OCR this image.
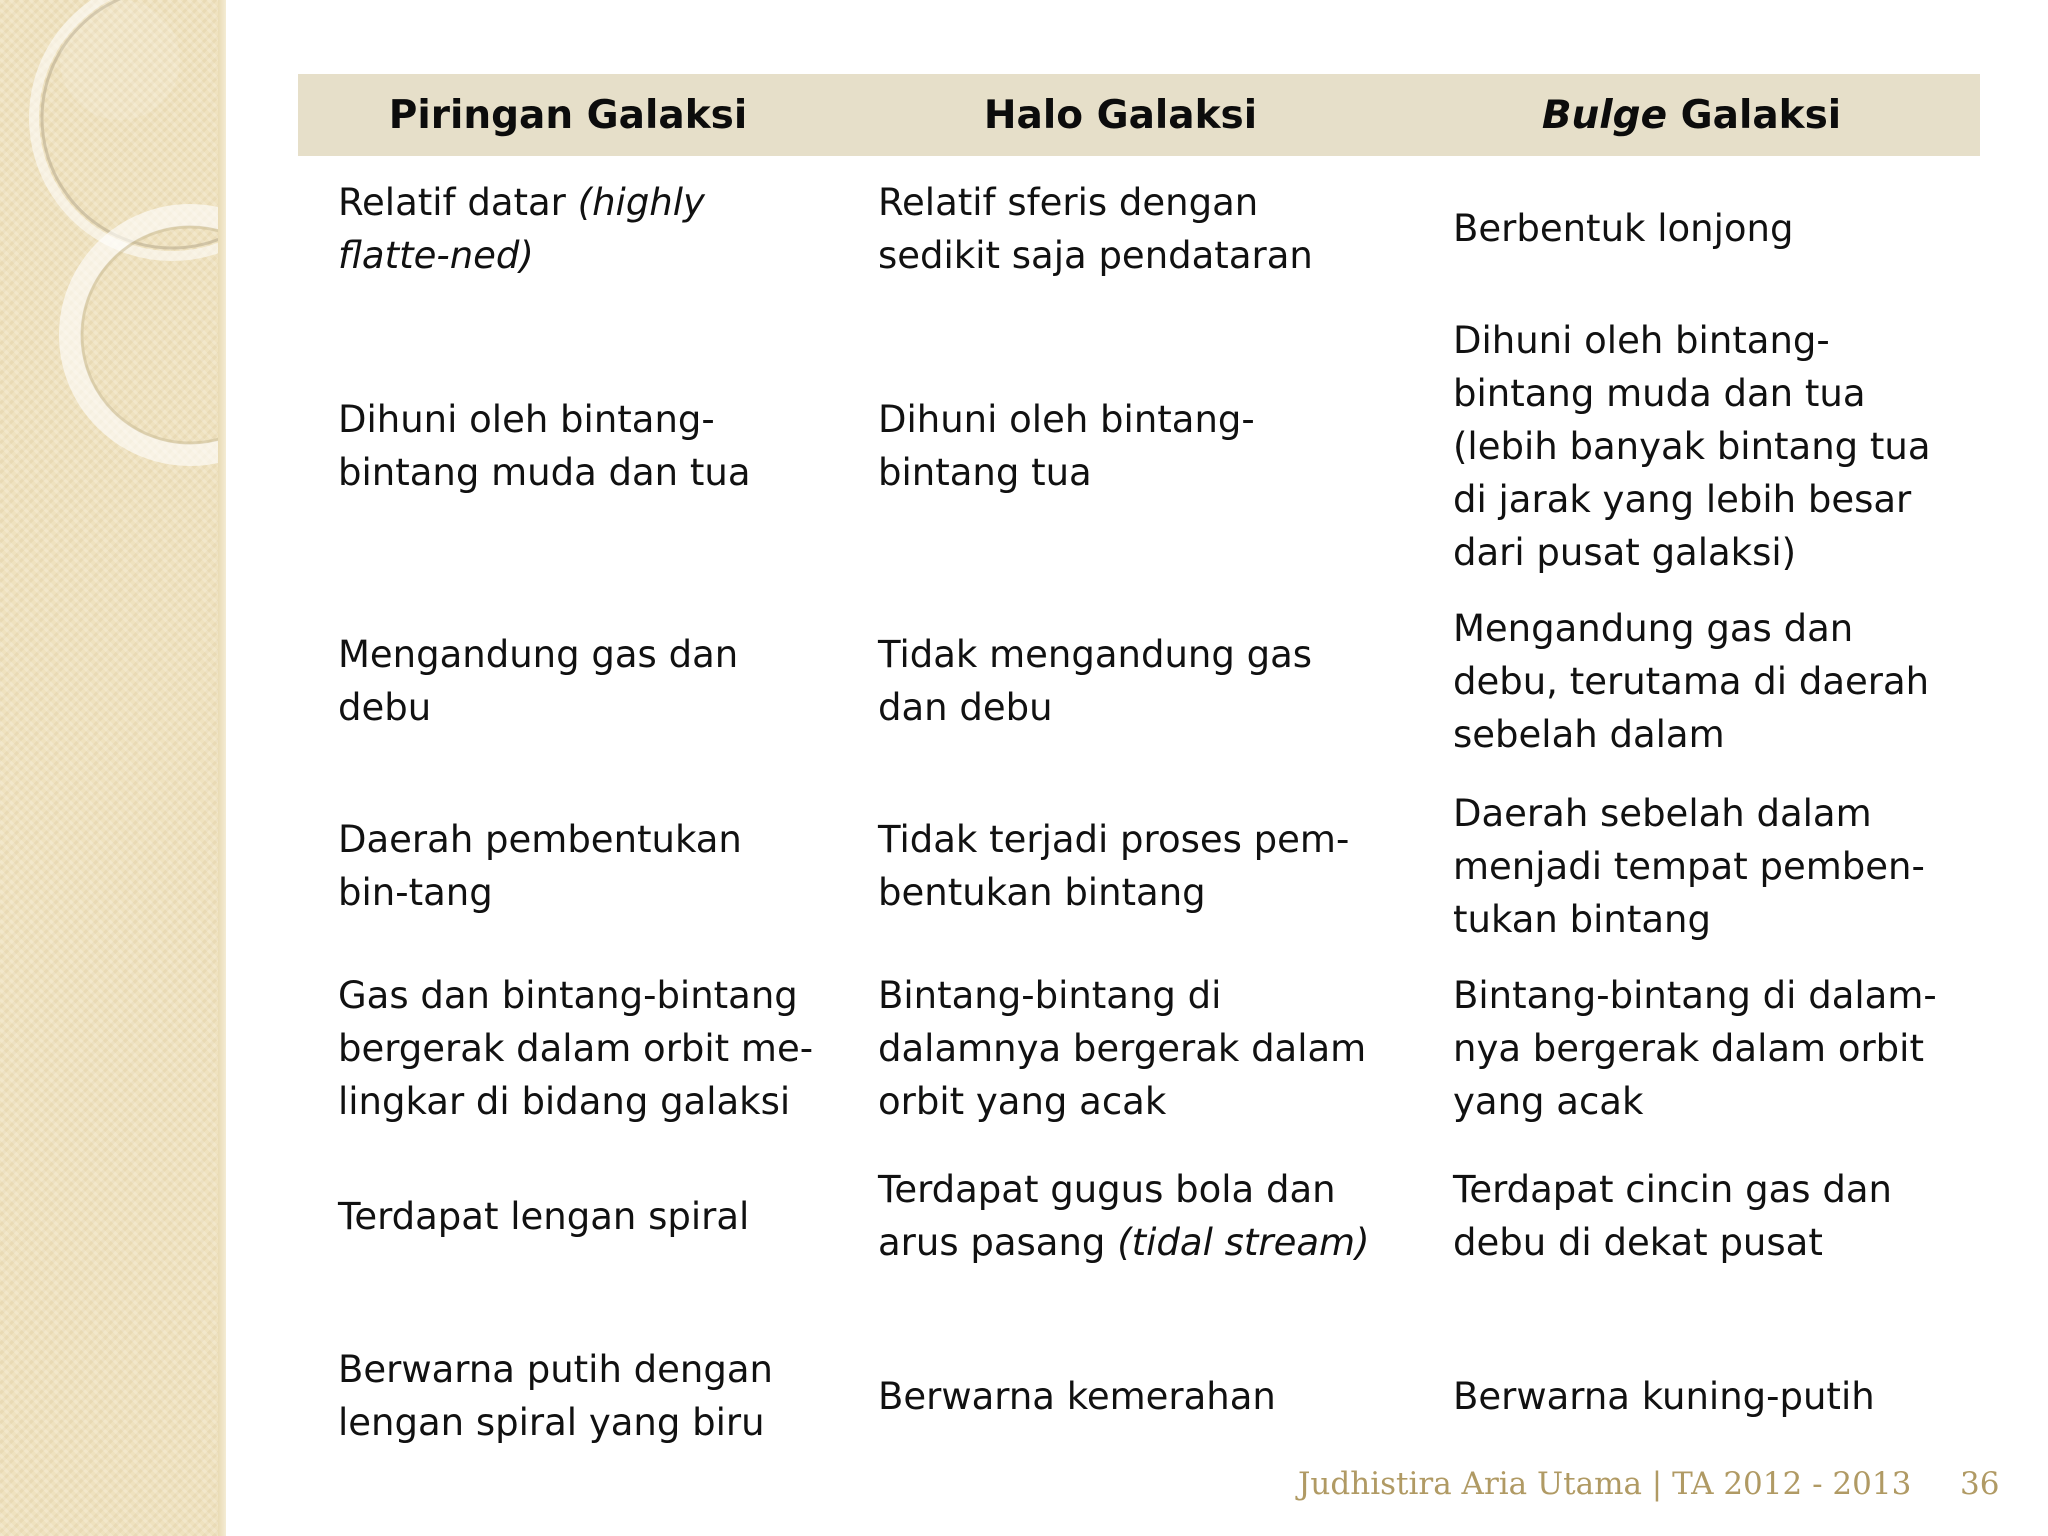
Piringan Galaksi	Halo Galaksi	Bulge Galaksi
Relatif datar (highly flatte-ned)	Relatif sferis dengan sedikit saja pendataran	Berbentuk lonjong
Dihuni oleh bintang-bintang muda dan tua	Dihuni oleh bintang-bintang tua	Dihuni oleh bintang-bintang muda dan tua (lebih banyak bintang tua di jarak yang lebih besar dari pusat galaksi)
Mengandung gas dan debu	Tidak mengandung gas dan debu	Mengandung gas dan debu, terutama di daerah sebelah dalam
Daerah pembentukan bin-tang	Tidak terjadi proses pem-bentukan bintang	Daerah sebelah dalam menjadi tempat pemben-tukan bintang
Gas dan bintang-bintang bergerak dalam orbit me-lingkar di bidang galaksi	Bintang-bintang di dalamnya bergerak dalam orbit yang acak	Bintang-bintang di dalam-nya bergerak dalam orbit yang acak
Terdapat lengan spiral	Terdapat gugus bola dan arus pasang (tidal stream)	Terdapat cincin gas dan debu di dekat pusat
Berwarna putih dengan lengan spiral yang biru	Berwarna kemerahan	Berwarna kuning-putih
Judhistira Aria Utama | TA 2012 - 2013 36
